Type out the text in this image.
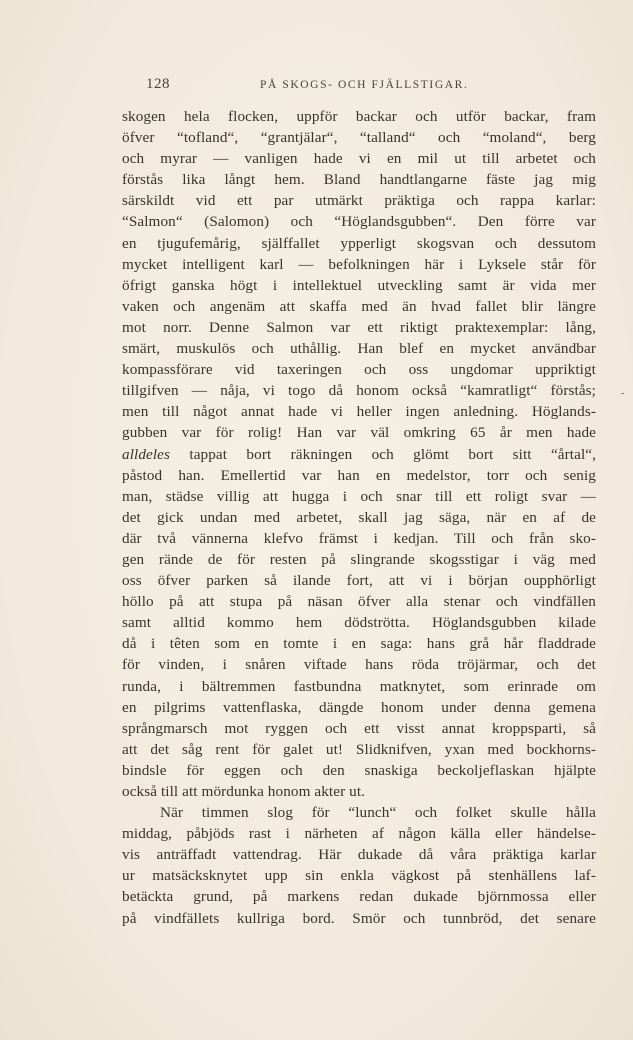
128	PÅ SKOGS- OCH FJÄLLSTIGAR.
skogen hela flocken, uppför backar och utför backar, fram
öfver “tofland“, “grantjälar“, “talland“ och “moland“, berg
och myrar — vanligen hade vi en mil ut till arbetet och
förstås lika långt hem. Bland handtlangarne fäste jag mig
särskildt vid ett par utmärkt präktiga och rappa karlar:
“Salmon“ (Salomon) och “Höglandsgubben“. Den förre var
en tjugufemårig, själffallet ypperligt skogsvan och dessutom
mycket intelligent karl — befolkningen här i Lyksele står för
öfrigt ganska högt i intellektuel utveckling samt är vida mer
vaken och angenäm att skaffa med än hvad fallet blir längre
mot norr. Denne Salmon var ett riktigt praktexemplar: lång,
smärt, muskulös och uthållig. Han blef en mycket användbar
kompassförare vid taxeringen och oss ungdomar uppriktigt
tillgifven — nåja, vi togo då honom också “kamratligt“ förstås;
men till något annat hade vi heller ingen anledning. Höglands-
gubben var för rolig! Han var väl omkring 65 år men hade
alldeles tappat bort räkningen och glömt bort sitt “årtal“,
påstod han. Emellertid var han en medelstor, torr och senig
man, städse villig att hugga i och snar till ett roligt svar —
det gick undan med arbetet, skall jag säga, när en af de
där två vännerna klefvo främst i kedjan. Till och från sko-
gen rände de för resten på slingrande skogsstigar i väg med
oss öfver parken så ilande fort, att vi i början oupphörligt
höllo på att stupa på näsan öfver alla stenar och vindfällen
samt alltid kommo hem dödströtta. Höglandsgubben kilade
då i têten som en tomte i en saga: hans grå hår fladdrade
för vinden, i snåren viftade hans röda tröjärmar, och det
runda, i bältremmen fastbundna matknytet, som erinrade om
en pilgrims vattenflaska, dängde honom under denna gemena
språngmarsch mot ryggen och ett visst annat kroppsparti, så
att det såg rent för galet ut! Slidknifven, yxan med bockhorns-
bindsle för eggen och den snaskiga beckoljeflaskan hjälpte
också till att mördunka honom akter ut.
När timmen slog för “lunch“ och folket skulle hålla
middag, påbjöds rast i närheten af någon källa eller händelse-
vis anträffadt vattendrag. Här dukade då våra präktiga karlar
ur matsäcksknytet upp sin enkla vägkost på stenhällens laf-
betäckta grund, på markens redan dukade björnmossa eller
på vindfällets kullriga bord. Smör och tunnbröd, det senare
-
